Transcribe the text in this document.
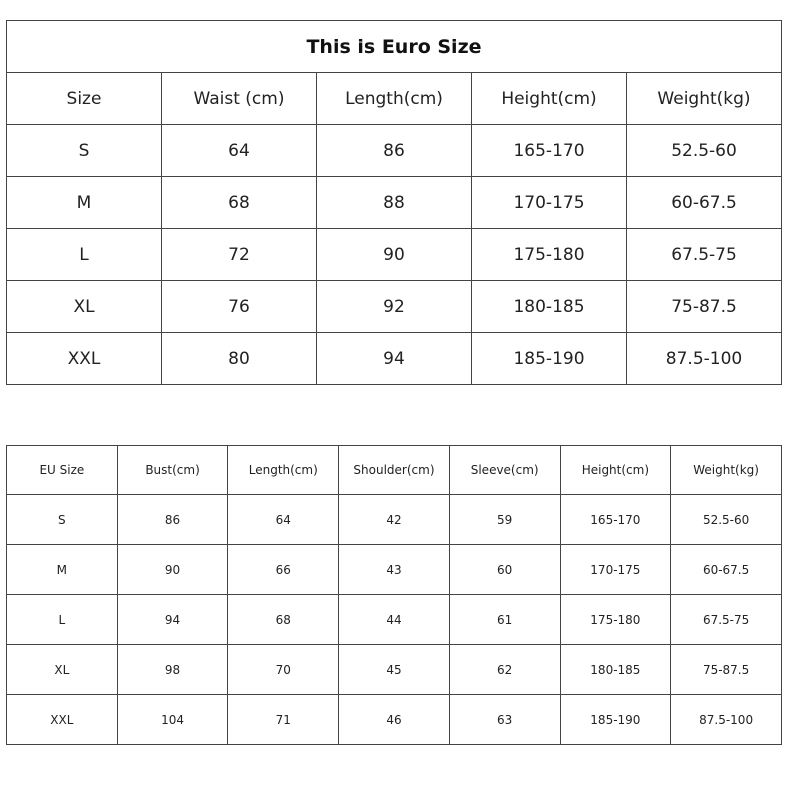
This is Euro Size				
Size	Waist (cm)	Length(cm)	Height(cm)	Weight(kg)
S	64	86	165-170	52.5-60
M	68	88	170-175	60-67.5
L	72	90	175-180	67.5-75
XL	76	92	180-185	75-87.5
XXL	80	94	185-190	87.5-100
EU Size	Bust(cm)	Length(cm)	Shoulder(cm)	Sleeve(cm)	Height(cm)	Weight(kg)
S	86	64	42	59	165-170	52.5-60
M	90	66	43	60	170-175	60-67.5
L	94	68	44	61	175-180	67.5-75
XL	98	70	45	62	180-185	75-87.5
XXL	104	71	46	63	185-190	87.5-100
